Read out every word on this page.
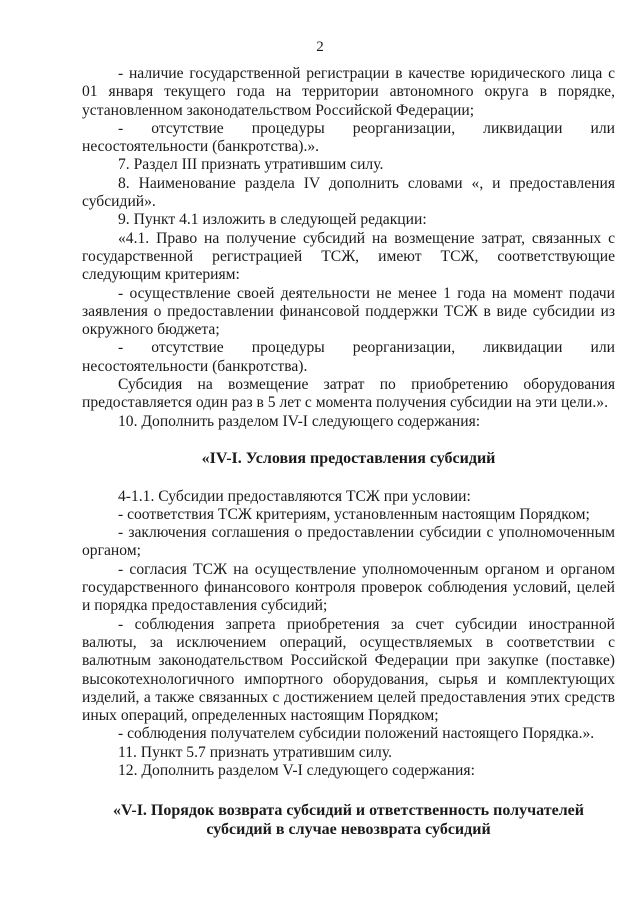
2

- наличие государственной регистрации в качестве юридического лица с 01 января текущего года на территории автономного округа в порядке, установленном законодательством Российской Федерации;

- отсутствие процедуры реорганизации, ликвидации или несостоятельности (банкротства).».

7. Раздел III признать утратившим силу.

8. Наименование раздела IV дополнить словами «, и предоставления субсидий».

9. Пункт 4.1 изложить в следующей редакции:

«4.1. Право на получение субсидий на возмещение затрат, связанных с государственной регистрацией ТСЖ, имеют ТСЖ, соответствующие следующим критериям:

- осуществление своей деятельности не менее 1 года на момент подачи заявления о предоставлении финансовой поддержки ТСЖ в виде субсидии из окружного бюджета;

- отсутствие процедуры реорганизации, ликвидации или несостоятельности (банкротства).

Субсидия на возмещение затрат по приобретению оборудования предоставляется один раз в 5 лет с момента получения субсидии на эти цели.».

10. Дополнить разделом IV-I следующего содержания:

«IV-I. Условия предоставления субсидий

4-1.1. Субсидии предоставляются ТСЖ при условии:

- соответствия ТСЖ критериям, установленным настоящим Порядком;

- заключения соглашения о предоставлении субсидии с уполномоченным органом;

- согласия ТСЖ на осуществление уполномоченным органом и органом государственного финансового контроля проверок соблюдения условий, целей и порядка предоставления субсидий;

- соблюдения запрета приобретения за счет субсидии иностранной валюты, за исключением операций, осуществляемых в соответствии с валютным законодательством Российской Федерации при закупке (поставке) высокотехнологичного импортного оборудования, сырья и комплектующих изделий, а также связанных с достижением целей предоставления этих средств иных операций, определенных настоящим Порядком;

- соблюдения получателем субсидии положений настоящего Порядка.».

11. Пункт 5.7 признать утратившим силу.

12. Дополнить разделом V-I следующего содержания:

«V-I. Порядок возврата субсидий и ответственность получателей
субсидий в случае невозврата субсидий
